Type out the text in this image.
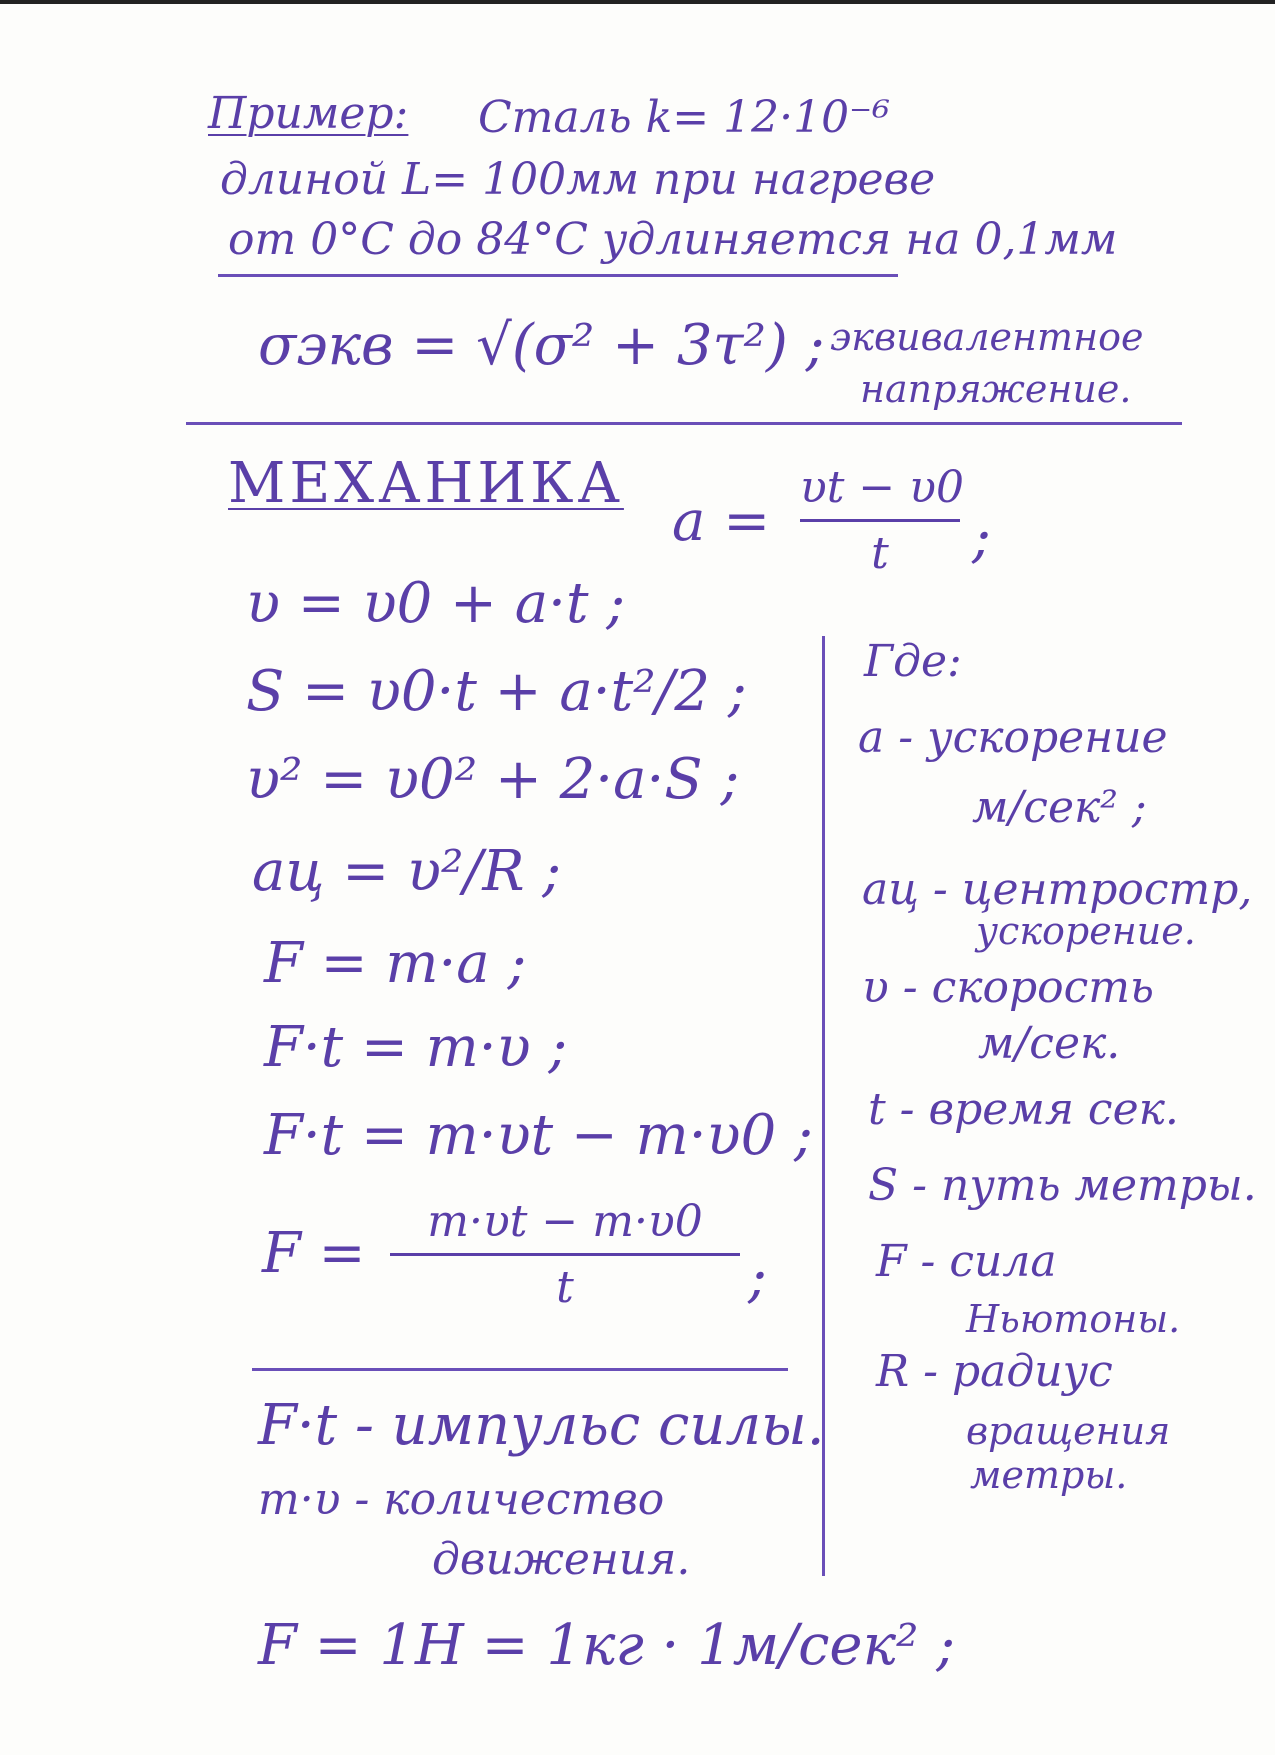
Пример: Сталь k= 12·10⁻⁶
длиной L= 100мм при нагреве
от 0°С до 84°С удлиняется на 0,1мм
σэкв = √(σ² + 3τ²) ; эквивалентное
напряжение.
МЕХАНИКА
a =
υt − υ0
t	;
υ = υ0 + a·t ;
S = υ0·t + a·t²/2 ;
υ² = υ0² + 2·a·S ;
aц = υ²/R ;
F = m·a ;
F·t = m·υ ;
F·t = m·υt − m·υ0 ;
F =	m·υt − m·υ0
t	;
Где:
a - ускорение
м/сек² ;
aц - центростр,
ускорение.
υ - скорость
м/сек.
t - время сек.
S - путь метры.
F - сила
Ньютоны.
R - радиус
вращения
метры.
F·t - импульс силы.
m·υ - количество
движения.
F = 1Н = 1кг · 1м/сек² ;
